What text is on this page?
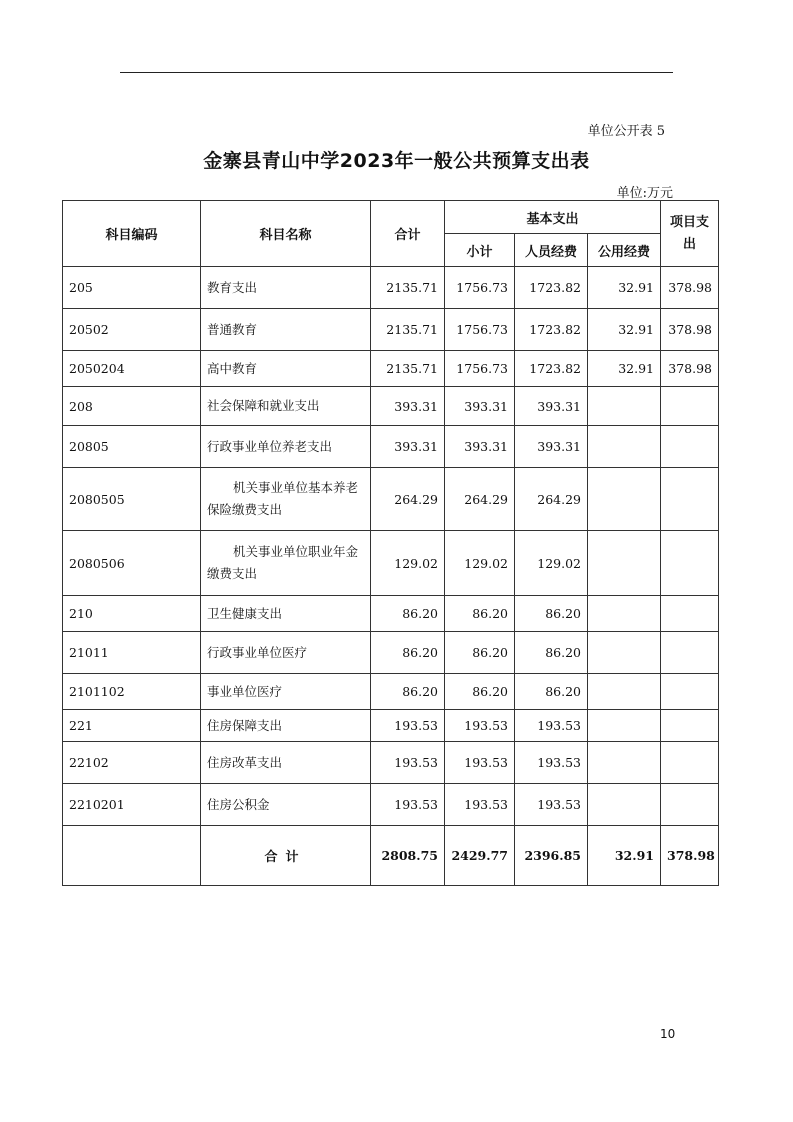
单位公开表 5
金寨县青山中学2023年一般公共预算支出表
单位:万元
科目编码	科目名称	合计	基本支出			项目支出
			小计	人员经费	公用经费	
205	教育支出	2135.71	1756.73	1723.82	32.91	378.98
20502	普通教育	2135.71	1756.73	1723.82	32.91	378.98
2050204	高中教育	2135.71	1756.73	1723.82	32.91	378.98
208	社会保障和就业支出	393.31	393.31	393.31		
20805	行政事业单位养老支出	393.31	393.31	393.31		
2080505	机关事业单位基本养老保险缴费支出	264.29	264.29	264.29		
2080506	机关事业单位职业年金缴费支出	129.02	129.02	129.02		
210	卫生健康支出	86.20	86.20	86.20		
21011	行政事业单位医疗	86.20	86.20	86.20		
2101102	事业单位医疗	86.20	86.20	86.20		
221	住房保障支出	193.53	193.53	193.53		
22102	住房改革支出	193.53	193.53	193.53		
2210201	住房公积金	193.53	193.53	193.53		
	合计	2808.75	2429.77	2396.85	32.91	378.98
10
